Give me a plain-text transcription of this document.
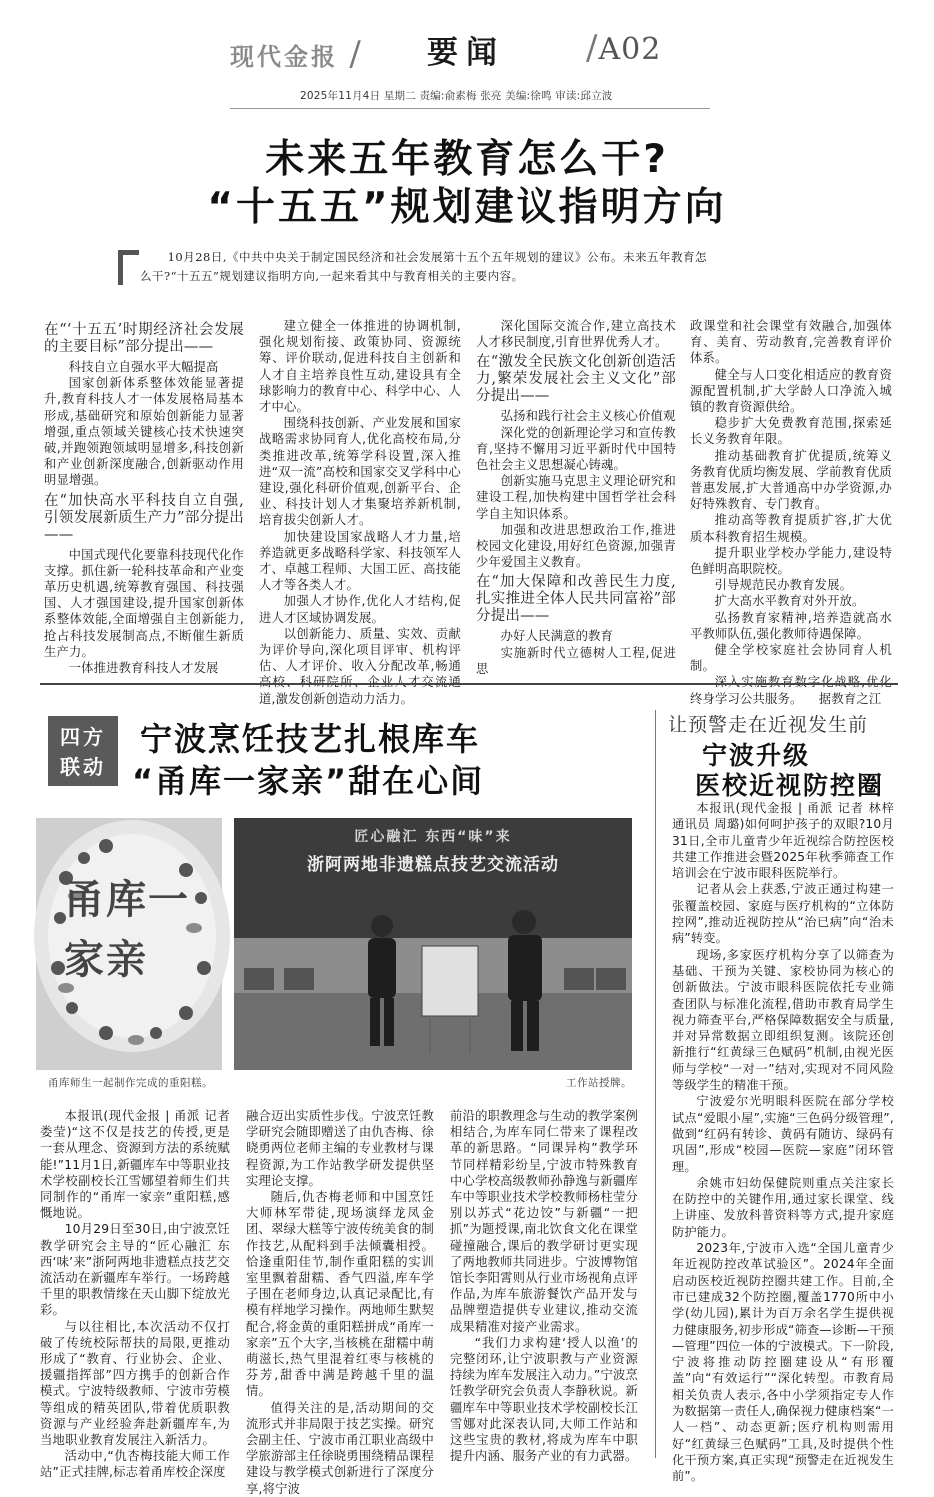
现代金报 / 要闻 /A02
2025年11月4日 星期二 责编:俞素梅 张亮 美编:徐鸣 审读:邱立波
未来五年教育怎么干?
“十五五”规划建议指明方向
10月28日,《中共中央关于制定国民经济和社会发展第十五个五年规划的建议》公布。未来五年教育怎
么干?“十五五”规划建议指明方向,一起来看其中与教育相关的主要内容。
在“‘十五五’时期经济社会发展的主要目标”部分提出——
科技自立自强水平大幅提高
国家创新体系整体效能显著提升,教育科技人才一体发展格局基本形成,基础研究和原始创新能力显著增强,重点领域关键核心技术快速突破,并跑领跑领域明显增多,科技创新和产业创新深度融合,创新驱动作用明显增强。
在“加快高水平科技自立自强,引领发展新质生产力”部分提出——
中国式现代化要靠科技现代化作支撑。抓住新一轮科技革命和产业变革历史机遇,统筹教育强国、科技强国、人才强国建设,提升国家创新体系整体效能,全面增强自主创新能力,抢占科技发展制高点,不断催生新质生产力。
一体推进教育科技人才发展
建立健全一体推进的协调机制,强化规划衔接、政策协同、资源统筹、评价联动,促进科技自主创新和人才自主培养良性互动,建设具有全球影响力的教育中心、科学中心、人才中心。
围绕科技创新、产业发展和国家战略需求协同育人,优化高校布局,分类推进改革,统筹学科设置,深入推进“双一流”高校和国家交叉学科中心建设,强化科研价值观,创新平台、企业、科技计划人才集聚培养新机制,培育拔尖创新人才。
加快建设国家战略人才力量,培养造就更多战略科学家、科技领军人才、卓越工程师、大国工匠、高技能人才等各类人才。
加强人才协作,优化人才结构,促进人才区域协调发展。
以创新能力、质量、实效、贡献为评价导向,深化项目评审、机构评估、人才评价、收入分配改革,畅通 道,激发创新创造动力活力。
深化国际交流合作,建立高技术人才移民制度,引育世界优秀人才。
在“激发全民族文化创新创造活力,繁荣发展社会主义文化”部分提出——
弘扬和践行社会主义核心价值观
深化党的创新理论学习和宣传教育,坚持不懈用习近平新时代中国特色社会主义思想凝心铸魂。
创新实施马克思主义理论研究和建设工程,加快构建中国哲学社会科学自主知识体系。
加强和改进思想政治工作,推进校园文化建设,用好红色资源,加强青少年爱国主义教育。
在“加大保障和改善民生力度,扎实推进全体人民共同富裕”部分提出——
办好人民满意的教育
实施新时代立德树人工程,促进思
政课堂和社会课堂有效融合,加强体育、美育、劳动教育,完善教育评价体系。
健全与人口变化相适应的教育资源配置机制,扩大学龄人口净流入城镇的教育资源供给。
稳步扩大免费教育范围,探索延长义务教育年限。
推动基础教育扩优提质,统筹义务教育优质均衡发展、学前教育优质普惠发展,扩大普通高中办学资源,办好特殊教育、专门教育。
推动高等教育提质扩容,扩大优质本科教育招生规模。
提升职业学校办学能力,建设特色鲜明高职院校。
引导规范民办教育发展。
扩大高水平教育对外开放。
弘扬教育家精神,培养造就高水平教师队伍,强化教师待遇保障。
健全学校家庭社会协同育人机制。
终身学习公共服务。    据教育之江
四方
联动
宁波烹饪技艺扎根库车
“甬库一家亲”甜在心间
甬库一家亲
甬库师生一起制作完成的重阳糕。
匠心融汇 东西“味”来
浙阿两地非遗糕点技艺交流活动
工作站授牌。
本报讯(现代金报 | 甬派 记者 娄莹)“这不仅是技艺的传授,更是一套从理念、资源到方法的系统赋能!”11月1日,新疆库车中等职业技术学校副校长江雪娜望着师生们共同制作的“甬库一家亲”重阳糕,感慨地说。
10月29日至30日,由宁波烹饪教学研究会主导的“匠心融汇 东西‘味’来”浙阿两地非遗糕点技艺交流活动在新疆库车举行。一场跨越千里的职教情缘在天山脚下绽放光彩。
与以往相比,本次活动不仅打破了传统校际帮扶的局限,更推动形成了“教育、行业协会、企业、援疆指挥部”四方携手的创新合作模式。宁波特级教师、宁波市劳模等组成的精英团队,带着优质职教资源与产业经验奔赴新疆库车,为当地职业教育发展注入新活力。
活动中,“仇杏梅技能大师工作站”正式挂牌,标志着甬库校企深度
融合迈出实质性步伐。宁波烹饪教学研究会随即赠送了由仇杏梅、徐晓勇两位老师主编的专业教材与课程资源,为工作站教学研发提供坚实理论支撑。
随后,仇杏梅老师和中国烹饪大师林军带徒,现场演绎龙凤金团、翠绿大糕等宁波传统美食的制作技艺,从配料到手法倾囊相授。恰逢重阳佳节,制作重阳糕的实训室里飘着甜糯、香气四溢,库车学子围在老师身边,认真记录配比,有模有样地学习操作。两地师生默契配合,将金黄的重阳糕拼成“甬库一家亲”五个大字,当核桃在甜糯中萌萌滋长,热气里混着红枣与核桃的芬芳,甜香中满是跨越千里的温情。
值得关注的是,活动期间的交流形式并非局限于技艺实操。研究会副主任、宁波市甬江职业高级中学旅游部主任徐晓勇围绕精品课程建设与教学模式创新进行了深度分享,将宁波
前沿的职教理念与生动的教学案例相结合,为库车同仁带来了课程改革的新思路。“同课异构”教学环节同样精彩纷呈,宁波市特殊教育中心学校高级教师孙静逸与新疆库车中等职业技术学校教师杨柱莹分别以苏式“花边饺”与新疆“一把抓”为题授课,南北饮食文化在课堂碰撞融合,课后的教学研讨更实现了两地教师共同进步。宁波博物馆馆长李阳霄则从行业市场视角点评作品,为库车旅游餐饮产品开发与品牌塑造提供专业建议,推动交流成果精准对接产业需求。
“我们力求构建‘授人以渔’的完整闭环,让宁波职教与产业资源持续为库车发展注入动力。”宁波烹饪教学研究会负责人李静秋说。新疆库车中等职业技术学校副校长江雪娜对此深表认同,大师工作站和这些宝贵的教材,将成为库车中职提升内涵、服务产业的有力武器。
让预警走在近视发生前
宁波升级
医校近视防控圈
本报讯(现代金报 | 甬派 记者 林梓 通讯员 周璐)如何呵护孩子的双眼?10月31日,全市儿童青少年近视综合防控医校共建工作推进会暨2025年秋季筛查工作培训会在宁波市眼科医院举行。
记者从会上获悉,宁波正通过构建一张覆盖校园、家庭与医疗机构的“立体防控网”,推动近视防控从“治已病”向“治未病”转变。
现场,多家医疗机构分享了以筛查为基础、干预为关键、家校协同为核心的创新做法。宁波市眼科医院依托专业筛查团队与标准化流程,借助市教育局学生视力筛查平台,严格保障数据安全与质量,并对异常数据立即组织复测。该院还创新推行“红黄绿三色赋码”机制,由视光医师与学校“一对一”结对,实现对不同风险等级学生的精准干预。
宁波爱尔光明眼科医院在部分学校试点“爱眼小屋”,实施“三色码分级管理”,做到“红码有转诊、黄码有随访、绿码有巩固”,形成“校园—医院—家庭”闭环管理。
余姚市妇幼保健院则重点关注家长在防控中的关键作用,通过家长课堂、线上讲座、发放科普资料等方式,提升家庭防护能力。
2023年,宁波市入选“全国儿童青少年近视防控改革试验区”。2024年全面启动医校近视防控圈共建工作。目前,全市已建成32个防控圈,覆盖1770所中小学(幼儿园),累计为百万余名学生提供视力健康服务,初步形成“筛查—诊断—干预—管理”四位一体的宁波模式。下一阶段,宁波将推动防控圈建设从“有形覆盖”向“有效运行”“深化转型。市教育局相关负责人表示,各中小学须指定专人作为数据第一责任人,确保视力健康档案“一人一档”、动态更新;医疗机构则需用好“红黄绿三色赋码”工具,及时提供个性化干预方案,真正实现“预警走在近视发生前”。
